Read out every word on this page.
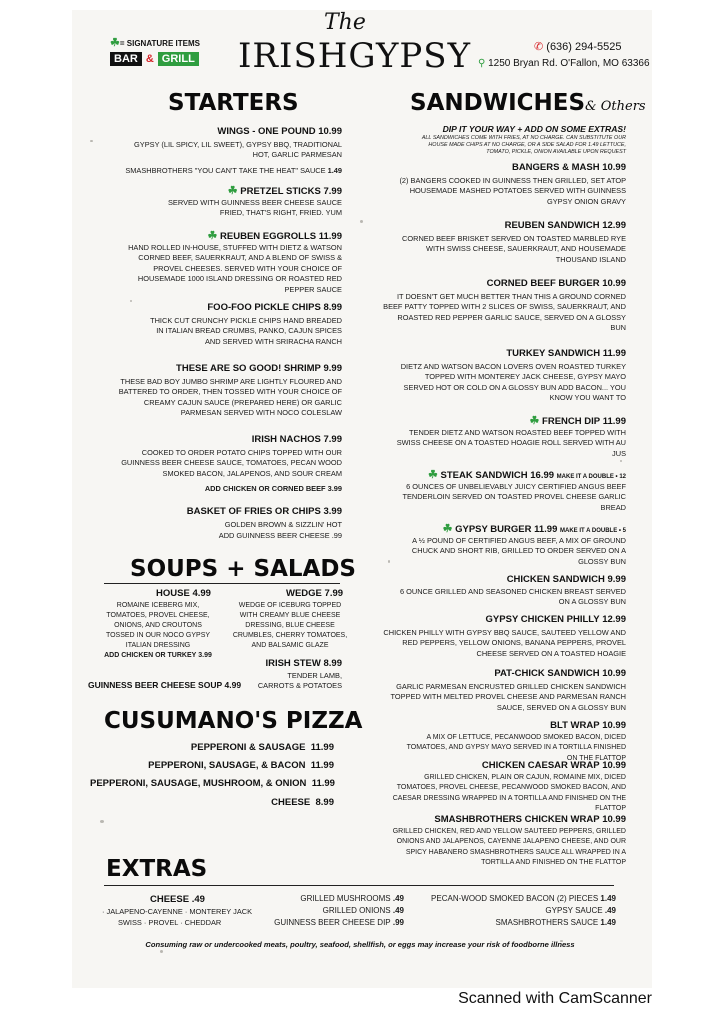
☘= SIGNATURE ITEMS
BAR & GRILL
The
IRISHGYPSY	✆ (636) 294-5525
⚲ 1250 Bryan Rd. O'Fallon, MO 63366
STARTERS
WINGS - ONE POUND 10.99
GYPSY (LIL SPICY, LIL SWEET), GYPSY BBQ, TRADITIONAL HOT, GARLIC PARMESAN
SMASHBROTHERS "YOU CAN'T TAKE THE HEAT" SAUCE 1.49
☘ PRETZEL STICKS 7.99
SERVED WITH GUINNESS BEER CHEESE SAUCE FRIED, THAT'S RIGHT, FRIED. YUM
☘ REUBEN EGGROLLS 11.99
HAND ROLLED IN-HOUSE, STUFFED WITH DIETZ & WATSON CORNED BEEF, SAUERKRAUT, AND A BLEND OF SWISS & PROVEL CHEESES. SERVED WITH YOUR CHOICE OF HOUSEMADE 1000 ISLAND DRESSING OR ROASTED RED PEPPER SAUCE
FOO-FOO PICKLE CHIPS 8.99
THICK CUT CRUNCHY PICKLE CHIPS HAND BREADED IN ITALIAN BREAD CRUMBS, PANKO, CAJUN SPICES AND SERVED WITH SRIRACHA RANCH
THESE ARE SO GOOD! SHRIMP 9.99
THESE BAD BOY JUMBO SHRIMP ARE LIGHTLY FLOURED AND BATTERED TO ORDER, THEN TOSSED WITH YOUR CHOICE OF CREAMY CAJUN SAUCE (PREPARED HERE) OR GARLIC PARMESAN SERVED WITH NOCO COLESLAW
IRISH NACHOS 7.99
COOKED TO ORDER POTATO CHIPS TOPPED WITH OUR GUINNESS BEER CHEESE SAUCE, TOMATOES, PECAN WOOD SMOKED BACON, JALAPENOS, AND SOUR CREAM
ADD CHICKEN OR CORNED BEEF 3.99
BASKET OF FRIES OR CHIPS 3.99
GOLDEN BROWN & SIZZLIN' HOT
ADD GUINNESS BEER CHEESE .99
SOUPS + SALADS
HOUSE 4.99
ROMAINE ICEBERG MIX, TOMATOES, PROVEL CHEESE, ONIONS, AND CROUTONS TOSSED IN OUR NOCO GYPSY ITALIAN DRESSING
ADD CHICKEN OR TURKEY 3.99
WEDGE 7.99
WEDGE OF ICEBURG TOPPED WITH CREAMY BLUE CHEESE DRESSING, BLUE CHEESE CRUMBLES, CHERRY TOMATOES, AND BALSAMIC GLAZE
IRISH STEW 8.99
TENDER LAMB, CARROTS & POTATOES
GUINNESS BEER CHEESE SOUP 4.99
CUSUMANO'S PIZZA
PEPPERONI & SAUSAGE 11.99
PEPPERONI, SAUSAGE, & BACON 11.99
PEPPERONI, SAUSAGE, MUSHROOM, & ONION 11.99
CHEESE 8.99
EXTRAS
CHEESE .49
· JALAPENO-CAYENNE · MONTEREY JACK
SWISS · PROVEL · CHEDDAR
GRILLED MUSHROOMS .49
GRILLED ONIONS .49
GUINNESS BEER CHEESE DIP .99
PECAN-WOOD SMOKED BACON (2) PIECES 1.49
GYPSY SAUCE .49
SMASHBROTHERS SAUCE 1.49
Consuming raw or undercooked meats, poultry, seafood, shellfish, or eggs may increase your risk of foodborne illness
SANDWICHES& Others
DIP IT YOUR WAY + ADD ON SOME EXTRAS!
ALL SANDWICHES COME WITH FRIES, AT NO CHARGE. CAN SUBSTITUTE OUR HOUSE MADE CHIPS AT NO CHARGE, OR A SIDE SALAD FOR 1.49 LETTUCE, TOMATO, PICKLE, ONION AVAILABLE UPON REQUEST
BANGERS & MASH 10.99
(2) BANGERS COOKED IN GUINNESS THEN GRILLED, SET ATOP HOUSEMADE MASHED POTATOES SERVED WITH GUINNESS GYPSY ONION GRAVY
REUBEN SANDWICH 12.99
CORNED BEEF BRISKET SERVED ON TOASTED MARBLED RYE WITH SWISS CHEESE, SAUERKRAUT, AND HOUSEMADE THOUSAND ISLAND
CORNED BEEF BURGER 10.99
IT DOESN'T GET MUCH BETTER THAN THIS A GROUND CORNED BEEF PATTY TOPPED WITH 2 SLICES OF SWISS, SAUERKRAUT, AND ROASTED RED PEPPER GARLIC SAUCE, SERVED ON A GLOSSY BUN
TURKEY SANDWICH 11.99
DIETZ AND WATSON BACON LOVERS OVEN ROASTED TURKEY TOPPED WITH MONTEREY JACK CHEESE, GYPSY MAYO SERVED HOT OR COLD ON A GLOSSY BUN ADD BACON... YOU KNOW YOU WANT TO
☘ FRENCH DIP 11.99
TENDER DIETZ AND WATSON ROASTED BEEF TOPPED WITH SWISS CHEESE ON A TOASTED HOAGIE ROLL SERVED WITH AU JUS
☘ STEAK SANDWICH 16.99 MAKE IT A DOUBLE • 12
6 OUNCES OF UNBELIEVABLY JUICY CERTIFIED ANGUS BEEF TENDERLOIN SERVED ON TOASTED PROVEL CHEESE GARLIC BREAD
☘ GYPSY BURGER 11.99 MAKE IT A DOUBLE • 5
A ½ POUND OF CERTIFIED ANGUS BEEF, A MIX OF GROUND CHUCK AND SHORT RIB, GRILLED TO ORDER SERVED ON A GLOSSY BUN
CHICKEN SANDWICH 9.99
6 OUNCE GRILLED AND SEASONED CHICKEN BREAST SERVED ON A GLOSSY BUN
GYPSY CHICKEN PHILLY 12.99
CHICKEN PHILLY WITH GYPSY BBQ SAUCE, SAUTEED YELLOW AND RED PEPPERS, YELLOW ONIONS, BANANA PEPPERS, PROVEL CHEESE SERVED ON A TOASTED HOAGIE
PAT-CHICK SANDWICH 10.99
GARLIC PARMESAN ENCRUSTED GRILLED CHICKEN SANDWICH TOPPED WITH MELTED PROVEL CHEESE AND PARMESAN RANCH SAUCE, SERVED ON A GLOSSY BUN
BLT WRAP 10.99
A MIX OF LETTUCE, PECANWOOD SMOKED BACON, DICED TOMATOES, AND GYPSY MAYO SERVED IN A TORTILLA FINISHED ON THE FLATTOP
CHICKEN CAESAR WRAP 10.99
GRILLED CHICKEN, PLAIN OR CAJUN, ROMAINE MIX, DICED TOMATOES, PROVEL CHEESE, PECANWOOD SMOKED BACON, AND CAESAR DRESSING WRAPPED IN A TORTILLA AND FINISHED ON THE FLATTOP
SMASHBROTHERS CHICKEN WRAP 10.99
GRILLED CHICKEN, RED AND YELLOW SAUTEED PEPPERS, GRILLED ONIONS AND JALAPENOS, CAYENNE JALAPENO CHEESE, AND OUR SPICY HABANERO SMASHBROTHERS SAUCE ALL WRAPPED IN A TORTILLA AND FINISHED ON THE FLATTOP
Scanned with CamScanner
